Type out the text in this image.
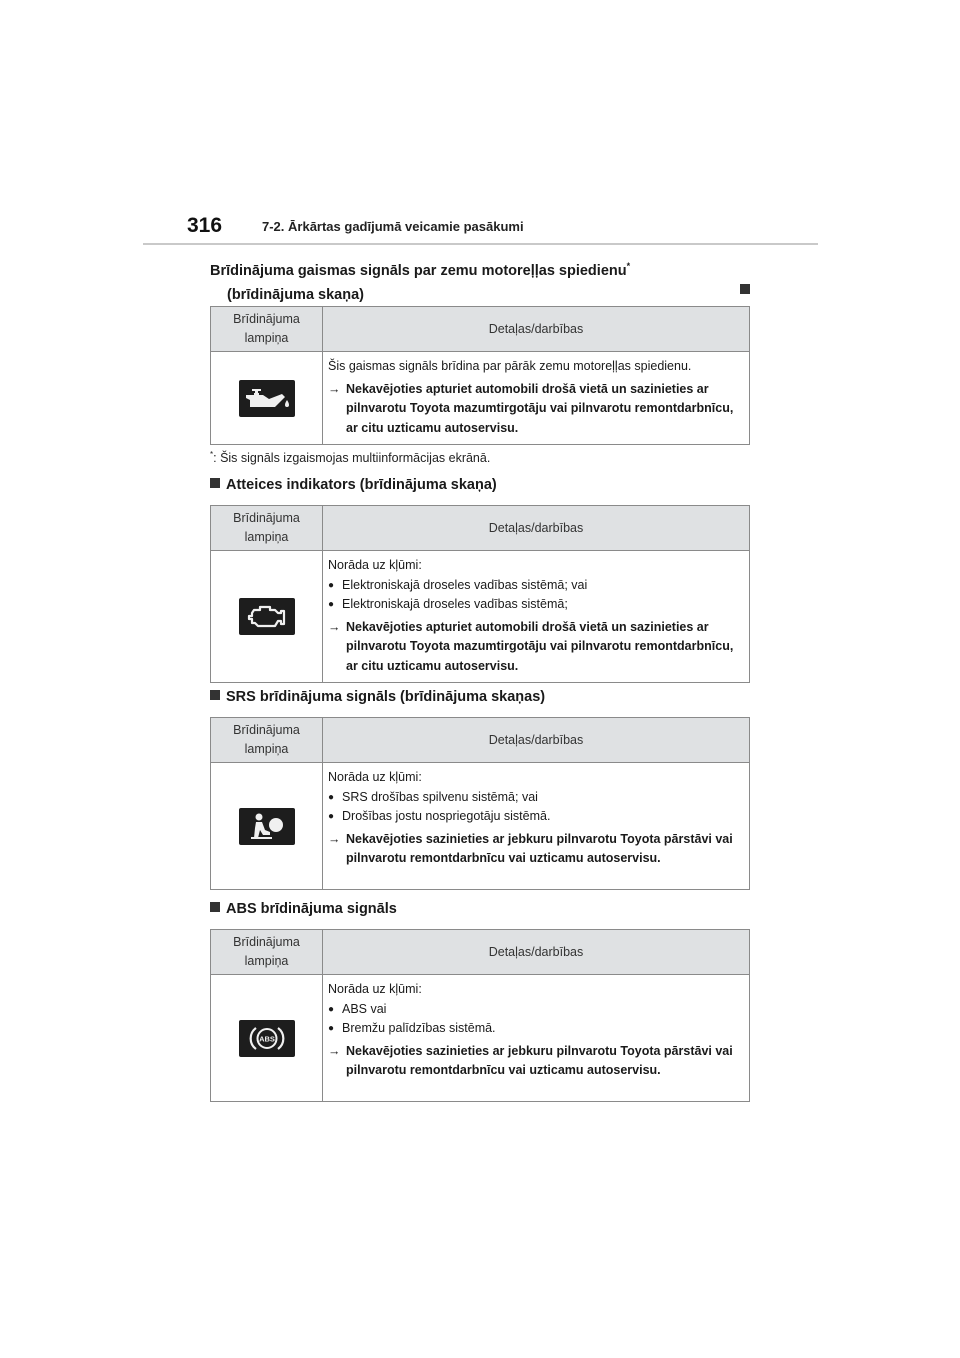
316	7-2. Ārkārtas gadījumā veicamie pasākumi
Brīdinājuma gaismas signāls par zemu motoreļļas spiedienu*
(brīdinājuma skaņa)
Brīdinājuma lampiņa	Detaļas/darbības

	Šis gaismas signāls brīdina par pārāk zemu motoreļļas spiedienu.
→ Nekavējoties apturiet automobili drošā vietā un sazinieties ar pilnvarotu Toyota mazumtirgotāju vai pilnvarotu remontdarbnīcu, ar citu uzticamu autoservisu.
*: Šis signāls izgaismojas multiinformācijas ekrānā.
Atteices indikators (brīdinājuma skaņa)
Brīdinājuma lampiņa	Detaļas/darbības

	Norāda uz kļūmi:
● Elektroniskajā droseles vadības sistēmā; vai
● Elektroniskajā droseles vadības sistēmā;
→ Nekavējoties apturiet automobili drošā vietā un sazinieties ar pilnvarotu Toyota mazumtirgotāju vai pilnvarotu remontdarbnīcu, ar citu uzticamu autoservisu.
SRS brīdinājuma signāls (brīdinājuma skaņas)
Brīdinājuma lampiņa	Detaļas/darbības

	Norāda uz kļūmi:
● SRS drošības spilvenu sistēmā; vai
● Drošības jostu nospriegotāju sistēmā.
→ Nekavējoties sazinieties ar jebkuru pilnvarotu Toyota pārstāvi vai pilnvarotu remontdarbnīcu vai uzticamu autoservisu.
ABS brīdinājuma signāls
Brīdinājuma lampiņa	Detaļas/darbības

ABS	Norāda uz kļūmi:
● ABS vai
● Bremžu palīdzības sistēmā.
→ Nekavējoties sazinieties ar jebkuru pilnvarotu Toyota pārstāvi vai pilnvarotu remontdarbnīcu vai uzticamu autoservisu.
